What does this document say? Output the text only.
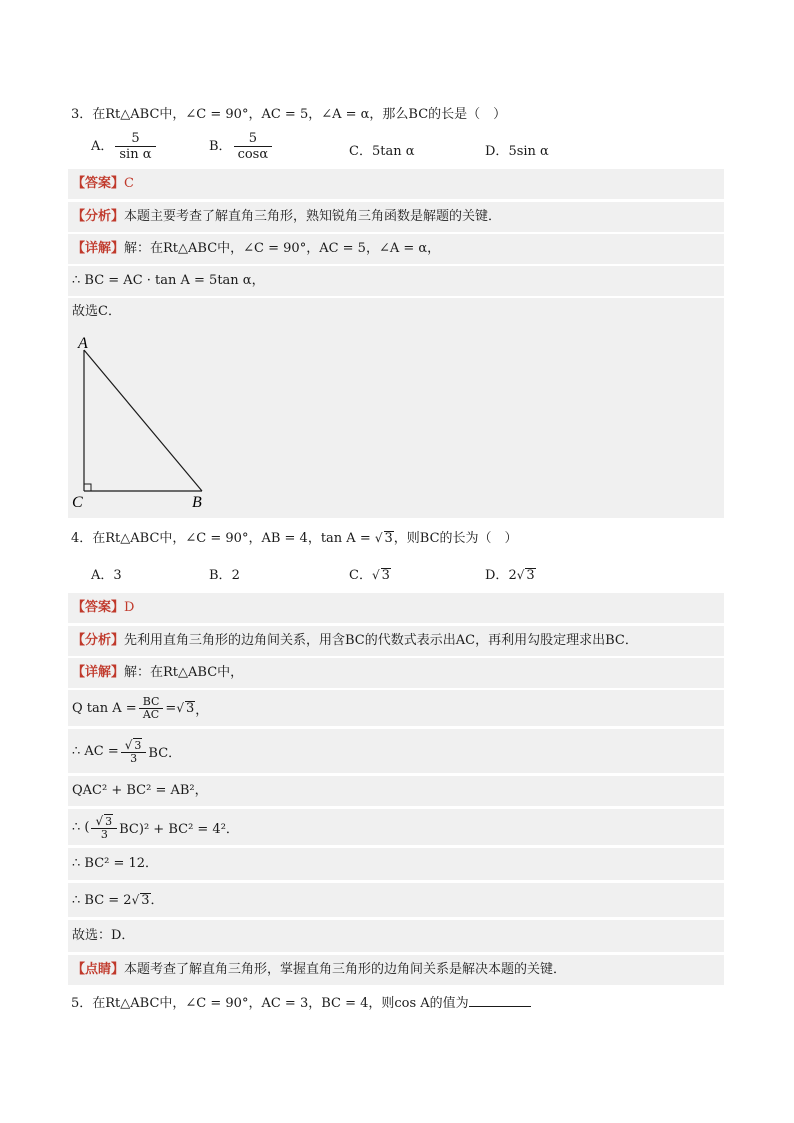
3．在Rt△ABC中，∠C = 90°，AC = 5，∠A = α，那么BC的长是（　）
A． $\frac{5}{\text{sin α}}$	B． $\frac{5}{\cos\alpha}$	C．5tan α	D．5sin α
【答案】C
【分析】本题主要考查了解直角三角形，熟知锐角三角函数是解题的关键．
【详解】解：在Rt△ABC中，∠C = 90°，AC = 5，∠A = α，
∴ BC = AC · tan A = 5tan α，
故选C．
A
C	B
4．在Rt△ABC中，∠C = 90°，AB = 4，tan A = √ 3，则BC的长为（　）
A．3	B．2	C．√ 3	D．2√ 3
【答案】D
【分析】先利用直角三角形的边角间关系，用含BC的代数式表示出AC，再利用勾股定理求出BC．
【详解】解：在Rt△ABC中，
Q $\tan A = \frac{BC}{AC}$ = √ 3 ，
∴ AC = $\frac{√ 3}{3}$ BC．
QAC² + BC² = AB²，
∴ ( $\frac{√ 3}{3} BC)^2 + BC^2 = 4^2$．
∴ BC² = 12．
∴ BC = 2√ 3．
故选：D．
【点睛】本题考查了解直角三角形，掌握直角三角形的边角间关系是解决本题的关键．
5．在Rt△ABC中，∠C = 90°，AC = 3，BC = 4，则cos A的值为
